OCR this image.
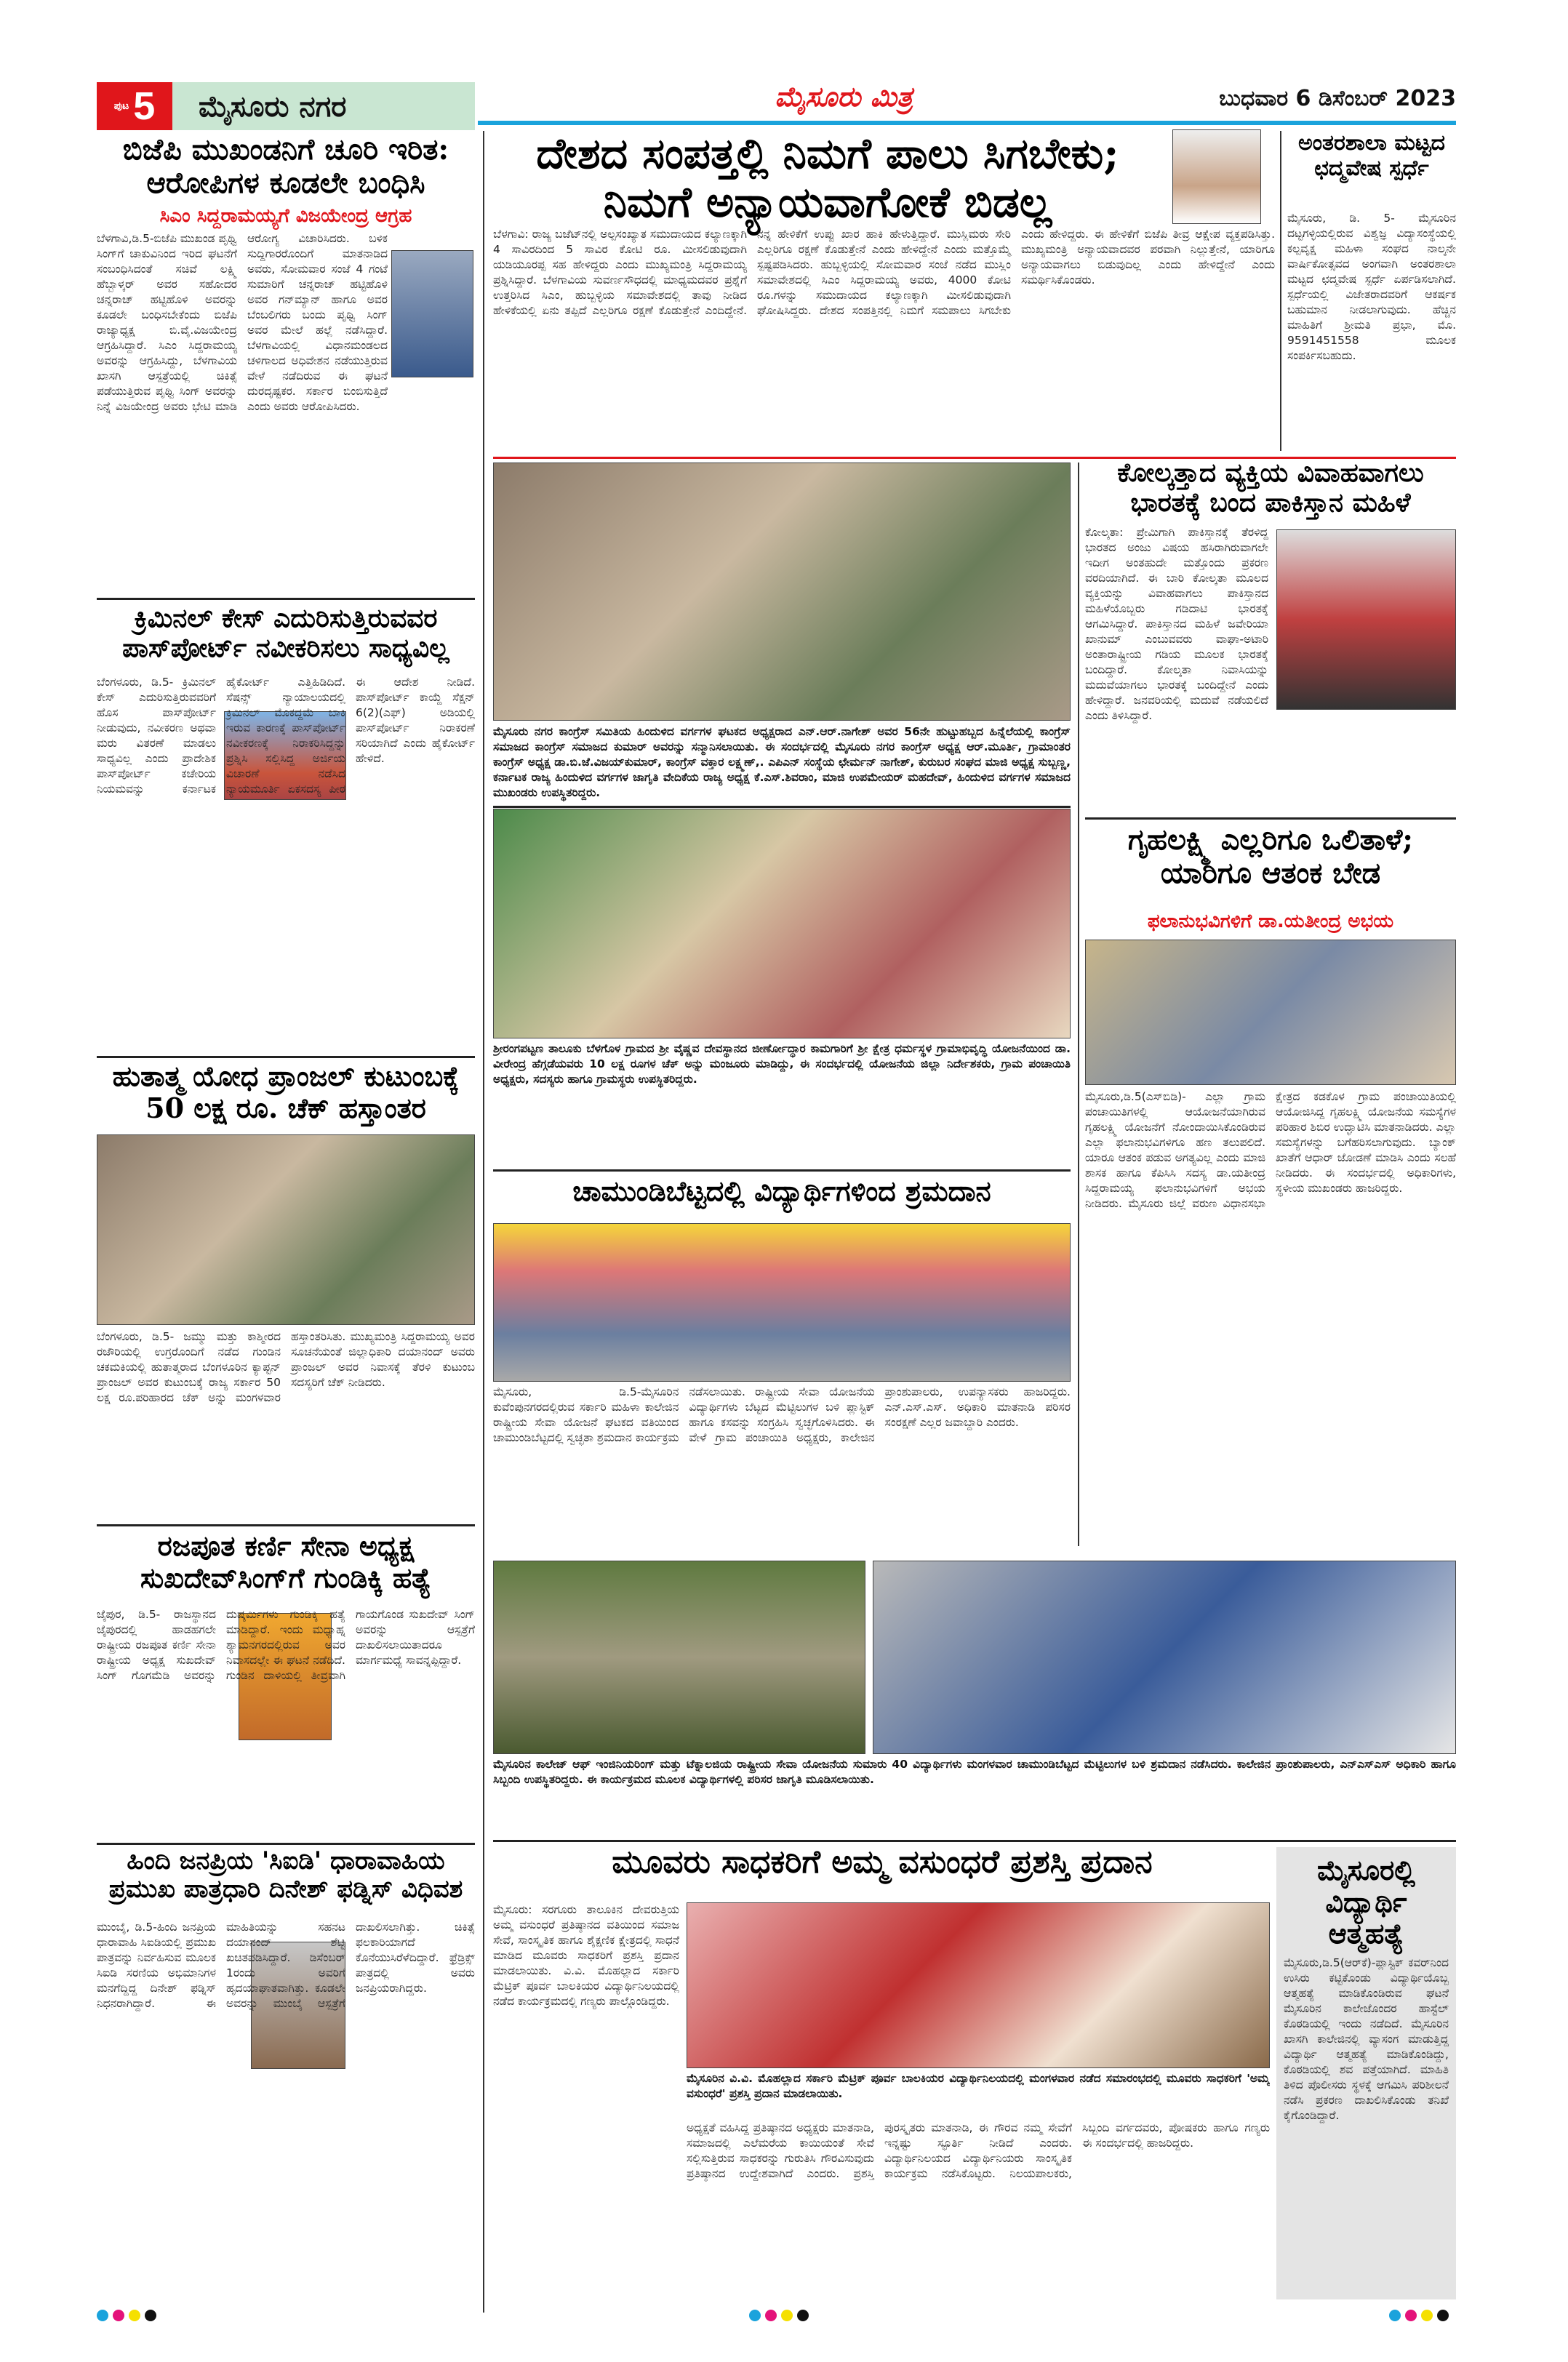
ಪುಟ 5 ಮೈಸೂರು ನಗರ	ಮೈಸೂರು ಮಿತ್ರ	ಬುಧವಾರ 6 ಡಿಸೆಂಬರ್ 2023
ಬಿಜೆಪಿ ಮುಖಂಡನಿಗೆ ಚೂರಿ ಇರಿತ: ಆರೋಪಿಗಳ ಕೂಡಲೇ ಬಂಧಿಸಿ
ಸಿಎಂ ಸಿದ್ದರಾಮಯ್ಯಗೆ ವಿಜಯೇಂದ್ರ ಆಗ್ರಹ
ಬೆಳಗಾವಿ,ಡಿ.5-ಬಿಜೆಪಿ ಮುಖಂಡ ಪೃಥ್ವಿ ಸಿಂಗ್‌ಗೆ ಚಾಕುವಿನಿಂದ ಇರಿದ ಘಟನೆಗೆ ಸಂಬಂಧಿಸಿದಂತೆ ಸಚಿವೆ ಲಕ್ಷ್ಮಿ ಹೆಬ್ಬಾಳ್ಕರ್ ಅವರ ಸಹೋದರ ಚನ್ನರಾಜ್ ಹಟ್ಟಿಹೊಳಿ ಅವರನ್ನು ಕೂಡಲೇ ಬಂಧಿಸಬೇಕೆಂದು ಬಿಜೆಪಿ ರಾಜ್ಯಾಧ್ಯಕ್ಷ ಬಿ.ವೈ.ವಿಜಯೇಂದ್ರ ಆಗ್ರಹಿಸಿದ್ದಾರೆ. ಸಿಎಂ ಸಿದ್ದರಾಮಯ್ಯ ಅವರನ್ನು ಆಗ್ರಹಿಸಿದ್ದು, ಬೆಳಗಾವಿಯ ಖಾಸಗಿ ಆಸ್ಪತ್ರೆಯಲ್ಲಿ ಚಿಕಿತ್ಸೆ ಪಡೆಯುತ್ತಿರುವ ಪೃಥ್ವಿ ಸಿಂಗ್ ಅವರನ್ನು ನಿನ್ನೆ ವಿಜಯೇಂದ್ರ ಅವರು ಭೇಟಿ ಮಾಡಿ ಆರೋಗ್ಯ ವಿಚಾರಿಸಿದರು. ಬಳಿಕ ಸುದ್ದಿಗಾರರೊಂದಿಗೆ ಮಾತನಾಡಿದ ಅವರು, ಸೋಮವಾರ ಸಂಜೆ 4 ಗಂಟೆ ಸುಮಾರಿಗೆ ಚನ್ನರಾಜ್ ಹಟ್ಟಿಹೊಳಿ ಅವರ ಗನ್‌ಮ್ಯಾನ್ ಹಾಗೂ ಅವರ ಬೆಂಬಲಿಗರು ಬಂದು ಪೃಥ್ವಿ ಸಿಂಗ್ ಅವರ ಮೇಲೆ ಹಲ್ಲೆ ನಡೆಸಿದ್ದಾರೆ. ಬೆಳಗಾವಿಯಲ್ಲಿ ವಿಧಾನಮಂಡಲದ ಚಳಿಗಾಲದ ಅಧಿವೇಶನ ನಡೆಯುತ್ತಿರುವ ವೇಳೆ ನಡೆದಿರುವ ಈ ಘಟನೆ ದುರದೃಷ್ಟಕರ. ಸರ್ಕಾರ ಬಿಂಬಿಸುತ್ತಿದೆ ಎಂದು ಅವರು ಆರೋಪಿಸಿದರು.
ಕ್ರಿಮಿನಲ್ ಕೇಸ್ ಎದುರಿಸುತ್ತಿರುವವರ ಪಾಸ್‌ಪೋರ್ಟ್ ನವೀಕರಿಸಲು ಸಾಧ್ಯವಿಲ್ಲ
ಬೆಂಗಳೂರು, ಡಿ.5- ಕ್ರಿಮಿನಲ್ ಕೇಸ್ ಎದುರಿಸುತ್ತಿರುವವರಿಗೆ ಹೊಸ ಪಾಸ್‌ಪೋರ್ಟ್ ನೀಡುವುದು, ನವೀಕರಣ ಅಥವಾ ಮರು ವಿತರಣೆ ಮಾಡಲು ಸಾಧ್ಯವಿಲ್ಲ ಎಂದು ಪ್ರಾದೇಶಿಕ ಪಾಸ್‌ಪೋರ್ಟ್ ಕಚೇರಿಯ ನಿಯಮವನ್ನು ಕರ್ನಾಟಕ ಹೈಕೋರ್ಟ್ ಎತ್ತಿಹಿಡಿದಿದೆ. ಸೆಷನ್ಸ್ ನ್ಯಾಯಾಲಯದಲ್ಲಿ ಕ್ರಿಮಿನಲ್ ಮೊಕದ್ದಮೆ ಬಾಕಿ ಇರುವ ಕಾರಣಕ್ಕೆ ಪಾಸ್‌ಪೋರ್ಟ್ ನವೀಕರಣಕ್ಕೆ ನಿರಾಕರಿಸಿದ್ದನ್ನು ಪ್ರಶ್ನಿಸಿ ಸಲ್ಲಿಸಿದ್ದ ಅರ್ಜಿಯ ವಿಚಾರಣೆ ನಡೆಸಿದ ನ್ಯಾಯಮೂರ್ತಿ ಏಕಸದಸ್ಯ ಪೀಠ ಈ ಆದೇಶ ನೀಡಿದೆ. ಪಾಸ್‌ಪೋರ್ಟ್ ಕಾಯ್ದೆ ಸೆಕ್ಷನ್ 6(2)(ಎಫ್) ಅಡಿಯಲ್ಲಿ ಪಾಸ್‌ಪೋರ್ಟ್ ನಿರಾಕರಣೆ ಸರಿಯಾಗಿದೆ ಎಂದು ಹೈಕೋರ್ಟ್ ಹೇಳಿದೆ.
ಹುತಾತ್ಮ ಯೋಧ ಪ್ರಾಂಜಲ್ ಕುಟುಂಬಕ್ಕೆ 50 ಲಕ್ಷ ರೂ. ಚೆಕ್ ಹಸ್ತಾಂತರ
ಬೆಂಗಳೂರು, ಡಿ.5- ಜಮ್ಮು ಮತ್ತು ಕಾಶ್ಮೀರದ ರಜೌರಿಯಲ್ಲಿ ಉಗ್ರರೊಂದಿಗೆ ನಡೆದ ಗುಂಡಿನ ಚಕಮಕಿಯಲ್ಲಿ ಹುತಾತ್ಮರಾದ ಬೆಂಗಳೂರಿನ ಕ್ಯಾಪ್ಟನ್ ಪ್ರಾಂಜಲ್ ಅವರ ಕುಟುಂಬಕ್ಕೆ ರಾಜ್ಯ ಸರ್ಕಾರ 50 ಲಕ್ಷ ರೂ.ಪರಿಹಾರದ ಚೆಕ್ ಅನ್ನು ಮಂಗಳವಾರ ಹಸ್ತಾಂತರಿಸಿತು. ಮುಖ್ಯಮಂತ್ರಿ ಸಿದ್ದರಾಮಯ್ಯ ಅವರ ಸೂಚನೆಯಂತೆ ಜಿಲ್ಲಾಧಿಕಾರಿ ದಯಾನಂದ್ ಅವರು ಪ್ರಾಂಜಲ್ ಅವರ ನಿವಾಸಕ್ಕೆ ತೆರಳಿ ಕುಟುಂಬ ಸದಸ್ಯರಿಗೆ ಚೆಕ್ ನೀಡಿದರು.
ರಜಪೂತ ಕರ್ಣಿ ಸೇನಾ ಅಧ್ಯಕ್ಷ ಸುಖದೇವ್‌ಸಿಂಗ್‌ಗೆ ಗುಂಡಿಕ್ಕಿ ಹತ್ಯೆ
ಜೈಪುರ, ಡಿ.5- ರಾಜಸ್ಥಾನದ ಜೈಪುರದಲ್ಲಿ ಹಾಡಹಗಲೇ ರಾಷ್ಟ್ರೀಯ ರಜಪೂತ ಕರ್ಣಿ ಸೇನಾ ರಾಷ್ಟ್ರೀಯ ಅಧ್ಯಕ್ಷ ಸುಖದೇವ್ ಸಿಂಗ್ ಗೊಗಮೆಡಿ ಅವರನ್ನು ದುಷ್ಕರ್ಮಿಗಳು ಗುಂಡಿಕ್ಕಿ ಹತ್ಯೆ ಮಾಡಿದ್ದಾರೆ. ಇಂದು ಮಧ್ಯಾಹ್ನ ಶ್ಯಾಮನಗರದಲ್ಲಿರುವ ಅವರ ನಿವಾಸದಲ್ಲೇ ಈ ಘಟನೆ ನಡೆದಿದೆ. ಗುಂಡಿನ ದಾಳಿಯಲ್ಲಿ ತೀವ್ರವಾಗಿ ಗಾಯಗೊಂಡ ಸುಖದೇವ್ ಸಿಂಗ್ ಅವರನ್ನು ಆಸ್ಪತ್ರೆಗೆ ದಾಖಲಿಸಲಾಯಿತಾದರೂ ಮಾರ್ಗಮಧ್ಯೆ ಸಾವನ್ನಪ್ಪಿದ್ದಾರೆ.
ಹಿಂದಿ ಜನಪ್ರಿಯ 'ಸಿಐಡಿ' ಧಾರಾವಾಹಿಯ ಪ್ರಮುಖ ಪಾತ್ರಧಾರಿ ದಿನೇಶ್ ಫಡ್ನಿಸ್ ವಿಧಿವಶ
ಮುಂಬೈ, ಡಿ.5-ಹಿಂದಿ ಜನಪ್ರಿಯ ಧಾರಾವಾಹಿ ಸಿಐಡಿಯಲ್ಲಿ ಪ್ರಮುಖ ಪಾತ್ರವನ್ನು ನಿರ್ವಹಿಸುವ ಮೂಲಕ ಸಿಐಡಿ ಸರಣಿಯ ಅಭಿಮಾನಿಗಳ ಮನಗೆದ್ದಿದ್ದ ದಿನೇಶ್ ಫಡ್ನಿಸ್ ನಿಧನರಾಗಿದ್ದಾರೆ. ಈ ಮಾಹಿತಿಯನ್ನು ಸಹನಟ ದಯಾನಂದ್ ಶೆಟ್ಟಿ ಖಚಿತಪಡಿಸಿದ್ದಾರೆ. ಡಿಸೆಂಬರ್ 1ರಂದು ಅವರಿಗೆ ಹೃದಯಾಘಾತವಾಗಿತ್ತು. ಕೂಡಲೇ ಅವರನ್ನು ಮುಂಬೈ ಆಸ್ಪತ್ರೆಗೆ ದಾಖಲಿಸಲಾಗಿತ್ತು. ಚಿಕಿತ್ಸೆ ಫಲಕಾರಿಯಾಗದೆ ಕೊನೆಯುಸಿರೆಳೆದಿದ್ದಾರೆ. ಫ್ರೆಡ್ರಿಕ್ಸ್ ಪಾತ್ರದಲ್ಲಿ ಅವರು ಜನಪ್ರಿಯರಾಗಿದ್ದರು.
ದೇಶದ ಸಂಪತ್ತಲ್ಲಿ ನಿಮಗೆ ಪಾಲು ಸಿಗಬೇಕು; ನಿಮಗೆ ಅನ್ಯಾಯವಾಗೋಕೆ ಬಿಡಲ್ಲ
ಬೆಳಗಾವಿ: ರಾಜ್ಯ ಬಜೆಟ್‌ನಲ್ಲಿ ಅಲ್ಪಸಂಖ್ಯಾತ ಸಮುದಾಯದ ಕಲ್ಯಾಣಕ್ಕಾಗಿ 4 ಸಾವಿರದಿಂದ 5 ಸಾವಿರ ಕೋಟಿ ರೂ. ಮೀಸಲಿಡುವುದಾಗಿ ಯಡಿಯೂರಪ್ಪ ಸಹ ಹೇಳಿದ್ದರು ಎಂದು ಮುಖ್ಯಮಂತ್ರಿ ಸಿದ್ದರಾಮಯ್ಯ ಪ್ರಶ್ನಿಸಿದ್ದಾರೆ. ಬೆಳಗಾವಿಯ ಸುವರ್ಣಸೌಧದಲ್ಲಿ ಮಾಧ್ಯಮದವರ ಪ್ರಶ್ನೆಗೆ ಉತ್ತರಿಸಿದ ಸಿಎಂ, ಹುಬ್ಬಳ್ಳಿಯ ಸಮಾವೇಶದಲ್ಲಿ ತಾವು ನೀಡಿದ ಹೇಳಿಕೆಯಲ್ಲಿ ಏನು ತಪ್ಪಿದೆ ಎಲ್ಲರಿಗೂ ರಕ್ಷಣೆ ಕೊಡುತ್ತೇನೆ ಎಂದಿದ್ದೇನೆ. ನನ್ನ ಹೇಳಿಕೆಗೆ ಉಪ್ಪು ಖಾರ ಹಾಕಿ ಹೇಳುತ್ತಿದ್ದಾರೆ. ಮುಸ್ಲಿಮರು ಸೇರಿ ಎಲ್ಲರಿಗೂ ರಕ್ಷಣೆ ಕೊಡುತ್ತೇನೆ ಎಂದು ಹೇಳಿದ್ದೇನೆ ಎಂದು ಮತ್ತೊಮ್ಮೆ ಸ್ಪಷ್ಟಪಡಿಸಿದರು. ಹುಬ್ಬಳ್ಳಿಯಲ್ಲಿ ಸೋಮವಾರ ಸಂಜೆ ನಡೆದ ಮುಸ್ಲಿಂ ಸಮಾವೇಶದಲ್ಲಿ ಸಿಎಂ ಸಿದ್ದರಾಮಯ್ಯ ಅವರು, 4000 ಕೋಟಿ ರೂ.ಗಳನ್ನು ಸಮುದಾಯದ ಕಲ್ಯಾಣಕ್ಕಾಗಿ ಮೀಸಲಿಡುವುದಾಗಿ ಘೋಷಿಸಿದ್ದರು. ದೇಶದ ಸಂಪತ್ತಿನಲ್ಲಿ ನಿಮಗೆ ಸಮಪಾಲು ಸಿಗಬೇಕು ಎಂದು ಹೇಳಿದ್ದರು. ಈ ಹೇಳಿಕೆಗೆ ಬಿಜೆಪಿ ತೀವ್ರ ಆಕ್ಷೇಪ ವ್ಯಕ್ತಪಡಿಸಿತ್ತು. ಮುಖ್ಯಮಂತ್ರಿ ಅನ್ಯಾಯವಾದವರ ಪರವಾಗಿ ನಿಲ್ಲುತ್ತೇನೆ, ಯಾರಿಗೂ ಅನ್ಯಾಯವಾಗಲು ಬಿಡುವುದಿಲ್ಲ ಎಂದು ಹೇಳಿದ್ದೇನೆ ಎಂದು ಸಮರ್ಥಿಸಿಕೊಂಡರು.
ಅಂತರಶಾಲಾ ಮಟ್ಟದ ಛದ್ಮವೇಷ ಸ್ಪರ್ಧೆ
ಮೈಸೂರು, ಡಿ. 5- ಮೈಸೂರಿನ ದಟ್ಟಗಳ್ಳಿಯಲ್ಲಿರುವ ವಿಶ್ವಜ್ಞ ವಿದ್ಯಾಸಂಸ್ಥೆಯಲ್ಲಿ ಕಲ್ಪವೃಕ್ಷ ಮಹಿಳಾ ಸಂಘದ ನಾಲ್ಕನೇ ವಾರ್ಷಿಕೋತ್ಸವದ ಅಂಗವಾಗಿ ಅಂತರಶಾಲಾ ಮಟ್ಟದ ಛದ್ಮವೇಷ ಸ್ಪರ್ಧೆ ಏರ್ಪಡಿಸಲಾಗಿದೆ. ಸ್ಪರ್ಧೆಯಲ್ಲಿ ವಿಜೇತರಾದವರಿಗೆ ಆಕರ್ಷಕ ಬಹುಮಾನ ನೀಡಲಾಗುವುದು. ಹೆಚ್ಚಿನ ಮಾಹಿತಿಗೆ ಶ್ರೀಮತಿ ಪ್ರಭಾ, ಮೊ. 9591451558 ಮೂಲಕ ಸಂಪರ್ಕಿಸಬಹುದು.
ಮೈಸೂರು ನಗರ ಕಾಂಗ್ರೆಸ್ ಸಮಿತಿಯ ಹಿಂದುಳಿದ ವರ್ಗಗಳ ಘಟಕದ ಅಧ್ಯಕ್ಷರಾದ ಎನ್.ಆರ್.ನಾಗೇಶ್ ಅವರ 56ನೇ ಹುಟ್ಟುಹಬ್ಬದ ಹಿನ್ನೆಲೆಯಲ್ಲಿ ಕಾಂಗ್ರೆಸ್ ಸಮಾಜದ ಕಾಂಗ್ರೆಸ್ ಸಮಾಜದ ಕುಮಾರ್ ಅವರನ್ನು ಸನ್ಮಾನಿಸಲಾಯಿತು. ಈ ಸಂದರ್ಭದಲ್ಲಿ ಮೈಸೂರು ನಗರ ಕಾಂಗ್ರೆಸ್ ಅಧ್ಯಕ್ಷ ಆರ್.ಮೂರ್ತಿ, ಗ್ರಾಮಾಂತರ ಕಾಂಗ್ರೆಸ್ ಅಧ್ಯಕ್ಷ ಡಾ.ಬಿ.ಜೆ.ವಿಜಯ್‌ಕುಮಾರ್, ಕಾಂಗ್ರೆಸ್ ವಕ್ತಾರ ಲಕ್ಷ್ಮಣ್,. ಎಪಿಎನ್ ಸಂಸ್ಥೆಯ ಛೇರ್ಮನ್ ನಾಗೇಶ್, ಕುರುಬರ ಸಂಘದ ಮಾಜಿ ಅಧ್ಯಕ್ಷ ಸುಬ್ಬಣ್ಣ, ಕರ್ನಾಟಕ ರಾಜ್ಯ ಹಿಂದುಳಿದ ವರ್ಗಗಳ ಜಾಗೃತಿ ವೇದಿಕೆಯ ರಾಜ್ಯ ಅಧ್ಯಕ್ಷ ಕೆ.ಎಸ್.ಶಿವರಾಂ, ಮಾಜಿ ಉಪಮೇಯರ್ ಮಹದೇವ್, ಹಿಂದುಳಿದ ವರ್ಗಗಳ ಸಮಾಜದ ಮುಖಂಡರು ಉಪಸ್ಥಿತರಿದ್ದರು.
ಶ್ರೀರಂಗಪಟ್ಟಣ ತಾಲೂಕು ಬೆಳಗೊಳ ಗ್ರಾಮದ ಶ್ರೀ ವೈಷ್ಣವ ದೇವಸ್ಥಾನದ ಜೀರ್ಣೋದ್ಧಾರ ಕಾಮಗಾರಿಗೆ ಶ್ರೀ ಕ್ಷೇತ್ರ ಧರ್ಮಸ್ಥಳ ಗ್ರಾಮಾಭಿವೃದ್ಧಿ ಯೋಜನೆಯಿಂದ ಡಾ. ವೀರೇಂದ್ರ ಹೆಗ್ಗಡೆಯವರು 10 ಲಕ್ಷ ರೂಗಳ ಚೆಕ್ ಅನ್ನು ಮಂಜೂರು ಮಾಡಿದ್ದು, ಈ ಸಂದರ್ಭದಲ್ಲಿ ಯೋಜನೆಯ ಜಿಲ್ಲಾ ನಿರ್ದೇಶಕರು, ಗ್ರಾಮ ಪಂಚಾಯಿತಿ ಅಧ್ಯಕ್ಷರು, ಸದಸ್ಯರು ಹಾಗೂ ಗ್ರಾಮಸ್ಥರು ಉಪಸ್ಥಿತರಿದ್ದರು.
ಕೋಲ್ಕತ್ತಾದ ವ್ಯಕ್ತಿಯ ವಿವಾಹವಾಗಲು ಭಾರತಕ್ಕೆ ಬಂದ ಪಾಕಿಸ್ತಾನ ಮಹಿಳೆ
ಕೋಲ್ಕತಾ: ಪ್ರೇಮಿಗಾಗಿ ಪಾಕಿಸ್ತಾನಕ್ಕೆ ತೆರಳಿದ್ದ ಭಾರತದ ಅಂಜು ವಿಷಯ ಹಸಿರಾಗಿರುವಾಗಲೇ ಇದೀಗ ಅಂತಹುದೇ ಮತ್ತೊಂದು ಪ್ರಕರಣ ವರದಿಯಾಗಿದೆ. ಈ ಬಾರಿ ಕೋಲ್ಕತಾ ಮೂಲದ ವ್ಯಕ್ತಿಯನ್ನು ವಿವಾಹವಾಗಲು ಪಾಕಿಸ್ತಾನದ ಮಹಿಳೆಯೊಬ್ಬರು ಗಡಿದಾಟಿ ಭಾರತಕ್ಕೆ ಆಗಮಿಸಿದ್ದಾರೆ. ಪಾಕಿಸ್ತಾನದ ಮಹಿಳೆ ಜವೇರಿಯಾ ಖಾನುಮ್ ಎಂಬುವವರು ವಾಘಾ-ಅಟಾರಿ ಅಂತಾರಾಷ್ಟ್ರೀಯ ಗಡಿಯ ಮೂಲಕ ಭಾರತಕ್ಕೆ ಬಂದಿದ್ದಾರೆ. ಕೋಲ್ಕತಾ ನಿವಾಸಿಯನ್ನು ಮದುವೆಯಾಗಲು ಭಾರತಕ್ಕೆ ಬಂದಿದ್ದೇನೆ ಎಂದು ಹೇಳಿದ್ದಾರೆ. ಜನವರಿಯಲ್ಲಿ ಮದುವೆ ನಡೆಯಲಿದೆ ಎಂದು ತಿಳಿಸಿದ್ದಾರೆ.
ಗೃಹಲಕ್ಷ್ಮಿ ಎಲ್ಲರಿಗೂ ಒಲಿತಾಳೆ; ಯಾರಿಗೂ ಆತಂಕ ಬೇಡ
ಫಲಾನುಭವಿಗಳಿಗೆ ಡಾ.ಯತೀಂದ್ರ ಅಭಯ
ಮೈಸೂರು,ಡಿ.5(ಎಸ್‌ಬಿಡಿ)- ಎಲ್ಲಾ ಗ್ರಾಮ ಪಂಚಾಯಿತಿಗಳಲ್ಲಿ ಆಯೋಜನೆಯಾಗಿರುವ ಗೃಹಲಕ್ಷ್ಮಿ ಯೋಜನೆಗೆ ನೋಂದಾಯಿಸಿಕೊಂಡಿರುವ ಎಲ್ಲಾ ಫಲಾನುಭವಿಗಳಿಗೂ ಹಣ ತಲುಪಲಿದೆ. ಯಾರೂ ಆತಂಕ ಪಡುವ ಅಗತ್ಯವಿಲ್ಲ ಎಂದು ಮಾಜಿ ಶಾಸಕ ಹಾಗೂ ಕೆಪಿಸಿಸಿ ಸದಸ್ಯ ಡಾ.ಯತೀಂದ್ರ ಸಿದ್ದರಾಮಯ್ಯ ಫಲಾನುಭವಿಗಳಿಗೆ ಅಭಯ ನೀಡಿದರು. ಮೈಸೂರು ಜಿಲ್ಲೆ ವರುಣ ವಿಧಾನಸಭಾ ಕ್ಷೇತ್ರದ ಕಡಕೊಳ ಗ್ರಾಮ ಪಂಚಾಯಿತಿಯಲ್ಲಿ ಆಯೋಜಿಸಿದ್ದ ಗೃಹಲಕ್ಷ್ಮಿ ಯೋಜನೆಯ ಸಮಸ್ಯೆಗಳ ಪರಿಹಾರ ಶಿಬಿರ ಉದ್ಘಾಟಿಸಿ ಮಾತನಾಡಿದರು. ಎಲ್ಲಾ ಸಮಸ್ಯೆಗಳನ್ನು ಬಗೆಹರಿಸಲಾಗುವುದು. ಬ್ಯಾಂಕ್ ಖಾತೆಗೆ ಆಧಾರ್ ಜೋಡಣೆ ಮಾಡಿಸಿ ಎಂದು ಸಲಹೆ ನೀಡಿದರು. ಈ ಸಂದರ್ಭದಲ್ಲಿ ಅಧಿಕಾರಿಗಳು, ಸ್ಥಳೀಯ ಮುಖಂಡರು ಹಾಜರಿದ್ದರು.
ಚಾಮುಂಡಿಬೆಟ್ಟದಲ್ಲಿ ವಿದ್ಯಾರ್ಥಿಗಳಿಂದ ಶ್ರಮದಾನ
ಮೈಸೂರು, ಡಿ.5-ಮೈಸೂರಿನ ಕುವೆಂಪುನಗರದಲ್ಲಿರುವ ಸರ್ಕಾರಿ ಮಹಿಳಾ ಕಾಲೇಜಿನ ರಾಷ್ಟ್ರೀಯ ಸೇವಾ ಯೋಜನೆ ಘಟಕದ ವತಿಯಿಂದ ಚಾಮುಂಡಿಬೆಟ್ಟದಲ್ಲಿ ಸ್ವಚ್ಛತಾ ಶ್ರಮದಾನ ಕಾರ್ಯಕ್ರಮ ನಡೆಸಲಾಯಿತು. ರಾಷ್ಟ್ರೀಯ ಸೇವಾ ಯೋಜನೆಯ ವಿದ್ಯಾರ್ಥಿಗಳು ಬೆಟ್ಟದ ಮೆಟ್ಟಿಲುಗಳ ಬಳಿ ಪ್ಲಾಸ್ಟಿಕ್ ಹಾಗೂ ಕಸವನ್ನು ಸಂಗ್ರಹಿಸಿ ಸ್ವಚ್ಛಗೊಳಿಸಿದರು. ಈ ವೇಳೆ ಗ್ರಾಮ ಪಂಚಾಯಿತಿ ಅಧ್ಯಕ್ಷರು, ಕಾಲೇಜಿನ ಪ್ರಾಂಶುಪಾಲರು, ಉಪನ್ಯಾಸಕರು ಹಾಜರಿದ್ದರು. ಎನ್.ಎಸ್.ಎಸ್. ಅಧಿಕಾರಿ ಮಾತನಾಡಿ ಪರಿಸರ ಸಂರಕ್ಷಣೆ ಎಲ್ಲರ ಜವಾಬ್ದಾರಿ ಎಂದರು.
ಮೈಸೂರಿನ ಕಾಲೇಜ್ ಆಫ್ ಇಂಜಿನಿಯರಿಂಗ್ ಮತ್ತು ಟೆಕ್ನಾಲಜಿಯ ರಾಷ್ಟ್ರೀಯ ಸೇವಾ ಯೋಜನೆಯ ಸುಮಾರು 40 ವಿದ್ಯಾರ್ಥಿಗಳು ಮಂಗಳವಾರ ಚಾಮುಂಡಿಬೆಟ್ಟದ ಮೆಟ್ಟಿಲುಗಳ ಬಳಿ ಶ್ರಮದಾನ ನಡೆಸಿದರು. ಕಾಲೇಜಿನ ಪ್ರಾಂಶುಪಾಲರು, ಎನ್‌ಎಸ್‌ಎಸ್ ಅಧಿಕಾರಿ ಹಾಗೂ ಸಿಬ್ಬಂದಿ ಉಪಸ್ಥಿತರಿದ್ದರು. ಈ ಕಾರ್ಯಕ್ರಮದ ಮೂಲಕ ವಿದ್ಯಾರ್ಥಿಗಳಲ್ಲಿ ಪರಿಸರ ಜಾಗೃತಿ ಮೂಡಿಸಲಾಯಿತು.
ಮೂವರು ಸಾಧಕರಿಗೆ ಅಮ್ಮ ವಸುಂಧರೆ ಪ್ರಶಸ್ತಿ ಪ್ರದಾನ
ಮೈಸೂರು: ಸರಗೂರು ತಾಲೂಕಿನ ದೇವರುತ್ತಿಯ ಅಮ್ಮ ವಸುಂಧರೆ ಪ್ರತಿಷ್ಠಾನದ ವತಿಯಿಂದ ಸಮಾಜ ಸೇವೆ, ಸಾಂಸ್ಕೃತಿಕ ಹಾಗೂ ಶೈಕ್ಷಣಿಕ ಕ್ಷೇತ್ರದಲ್ಲಿ ಸಾಧನೆ ಮಾಡಿದ ಮೂವರು ಸಾಧಕರಿಗೆ ಪ್ರಶಸ್ತಿ ಪ್ರದಾನ ಮಾಡಲಾಯಿತು. ವಿ.ವಿ. ಮೊಹಲ್ಲಾದ ಸರ್ಕಾರಿ ಮೆಟ್ರಿಕ್ ಪೂರ್ವ ಬಾಲಕಿಯರ ವಿದ್ಯಾರ್ಥಿನಿಲಯದಲ್ಲಿ ನಡೆದ ಕಾರ್ಯಕ್ರಮದಲ್ಲಿ ಗಣ್ಯರು ಪಾಲ್ಗೊಂಡಿದ್ದರು.
ಮೈಸೂರಿನ ವಿ.ವಿ. ಮೊಹಲ್ಲಾದ ಸರ್ಕಾರಿ ಮೆಟ್ರಿಕ್ ಪೂರ್ವ ಬಾಲಕಿಯರ ವಿದ್ಯಾರ್ಥಿನಿಲಯದಲ್ಲಿ ಮಂಗಳವಾರ ನಡೆದ ಸಮಾರಂಭದಲ್ಲಿ ಮೂವರು ಸಾಧಕರಿಗೆ 'ಅಮ್ಮ ವಸುಂಧರೆ' ಪ್ರಶಸ್ತಿ ಪ್ರದಾನ ಮಾಡಲಾಯಿತು.
ಅಧ್ಯಕ್ಷತೆ ವಹಿಸಿದ್ದ ಪ್ರತಿಷ್ಠಾನದ ಅಧ್ಯಕ್ಷರು ಮಾತನಾಡಿ, ಸಮಾಜದಲ್ಲಿ ಎಲೆಮರೆಯ ಕಾಯಿಯಂತೆ ಸೇವೆ ಸಲ್ಲಿಸುತ್ತಿರುವ ಸಾಧಕರನ್ನು ಗುರುತಿಸಿ ಗೌರವಿಸುವುದು ಪ್ರತಿಷ್ಠಾನದ ಉದ್ದೇಶವಾಗಿದೆ ಎಂದರು. ಪ್ರಶಸ್ತಿ ಪುರಸ್ಕೃತರು ಮಾತನಾಡಿ, ಈ ಗೌರವ ನಮ್ಮ ಸೇವೆಗೆ ಇನ್ನಷ್ಟು ಸ್ಫೂರ್ತಿ ನೀಡಿದೆ ಎಂದರು. ವಿದ್ಯಾರ್ಥಿನಿಲಯದ ವಿದ್ಯಾರ್ಥಿನಿಯರು ಸಾಂಸ್ಕೃತಿಕ ಕಾರ್ಯಕ್ರಮ ನಡೆಸಿಕೊಟ್ಟರು. ನಿಲಯಪಾಲಕರು, ಸಿಬ್ಬಂದಿ ವರ್ಗದವರು, ಪೋಷಕರು ಹಾಗೂ ಗಣ್ಯರು ಈ ಸಂದರ್ಭದಲ್ಲಿ ಹಾಜರಿದ್ದರು.
ಮೈಸೂರಲ್ಲಿ ವಿದ್ಯಾರ್ಥಿ ಆತ್ಮಹತ್ಯೆ
ಮೈಸೂರು,ಡಿ.5(ಆರ್‌ಕೆ)-ಪ್ಲಾಸ್ಟಿಕ್ ಕವರ್‌ನಿಂದ ಉಸಿರು ಕಟ್ಟಿಕೊಂಡು ವಿದ್ಯಾರ್ಥಿಯೊಬ್ಬ ಆತ್ಮಹತ್ಯೆ ಮಾಡಿಕೊಂಡಿರುವ ಘಟನೆ ಮೈಸೂರಿನ ಕಾಲೇಜೊಂದರ ಹಾಸ್ಟೆಲ್ ಕೊಠಡಿಯಲ್ಲಿ ಇಂದು ನಡೆದಿದೆ. ಮೈಸೂರಿನ ಖಾಸಗಿ ಕಾಲೇಜಿನಲ್ಲಿ ವ್ಯಾಸಂಗ ಮಾಡುತ್ತಿದ್ದ ವಿದ್ಯಾರ್ಥಿ ಆತ್ಮಹತ್ಯೆ ಮಾಡಿಕೊಂಡಿದ್ದು, ಕೊಠಡಿಯಲ್ಲಿ ಶವ ಪತ್ತೆಯಾಗಿದೆ. ಮಾಹಿತಿ ತಿಳಿದ ಪೊಲೀಸರು ಸ್ಥಳಕ್ಕೆ ಆಗಮಿಸಿ ಪರಿಶೀಲನೆ ನಡೆಸಿ ಪ್ರಕರಣ ದಾಖಲಿಸಿಕೊಂಡು ತನಿಖೆ ಕೈಗೊಂಡಿದ್ದಾರೆ.
